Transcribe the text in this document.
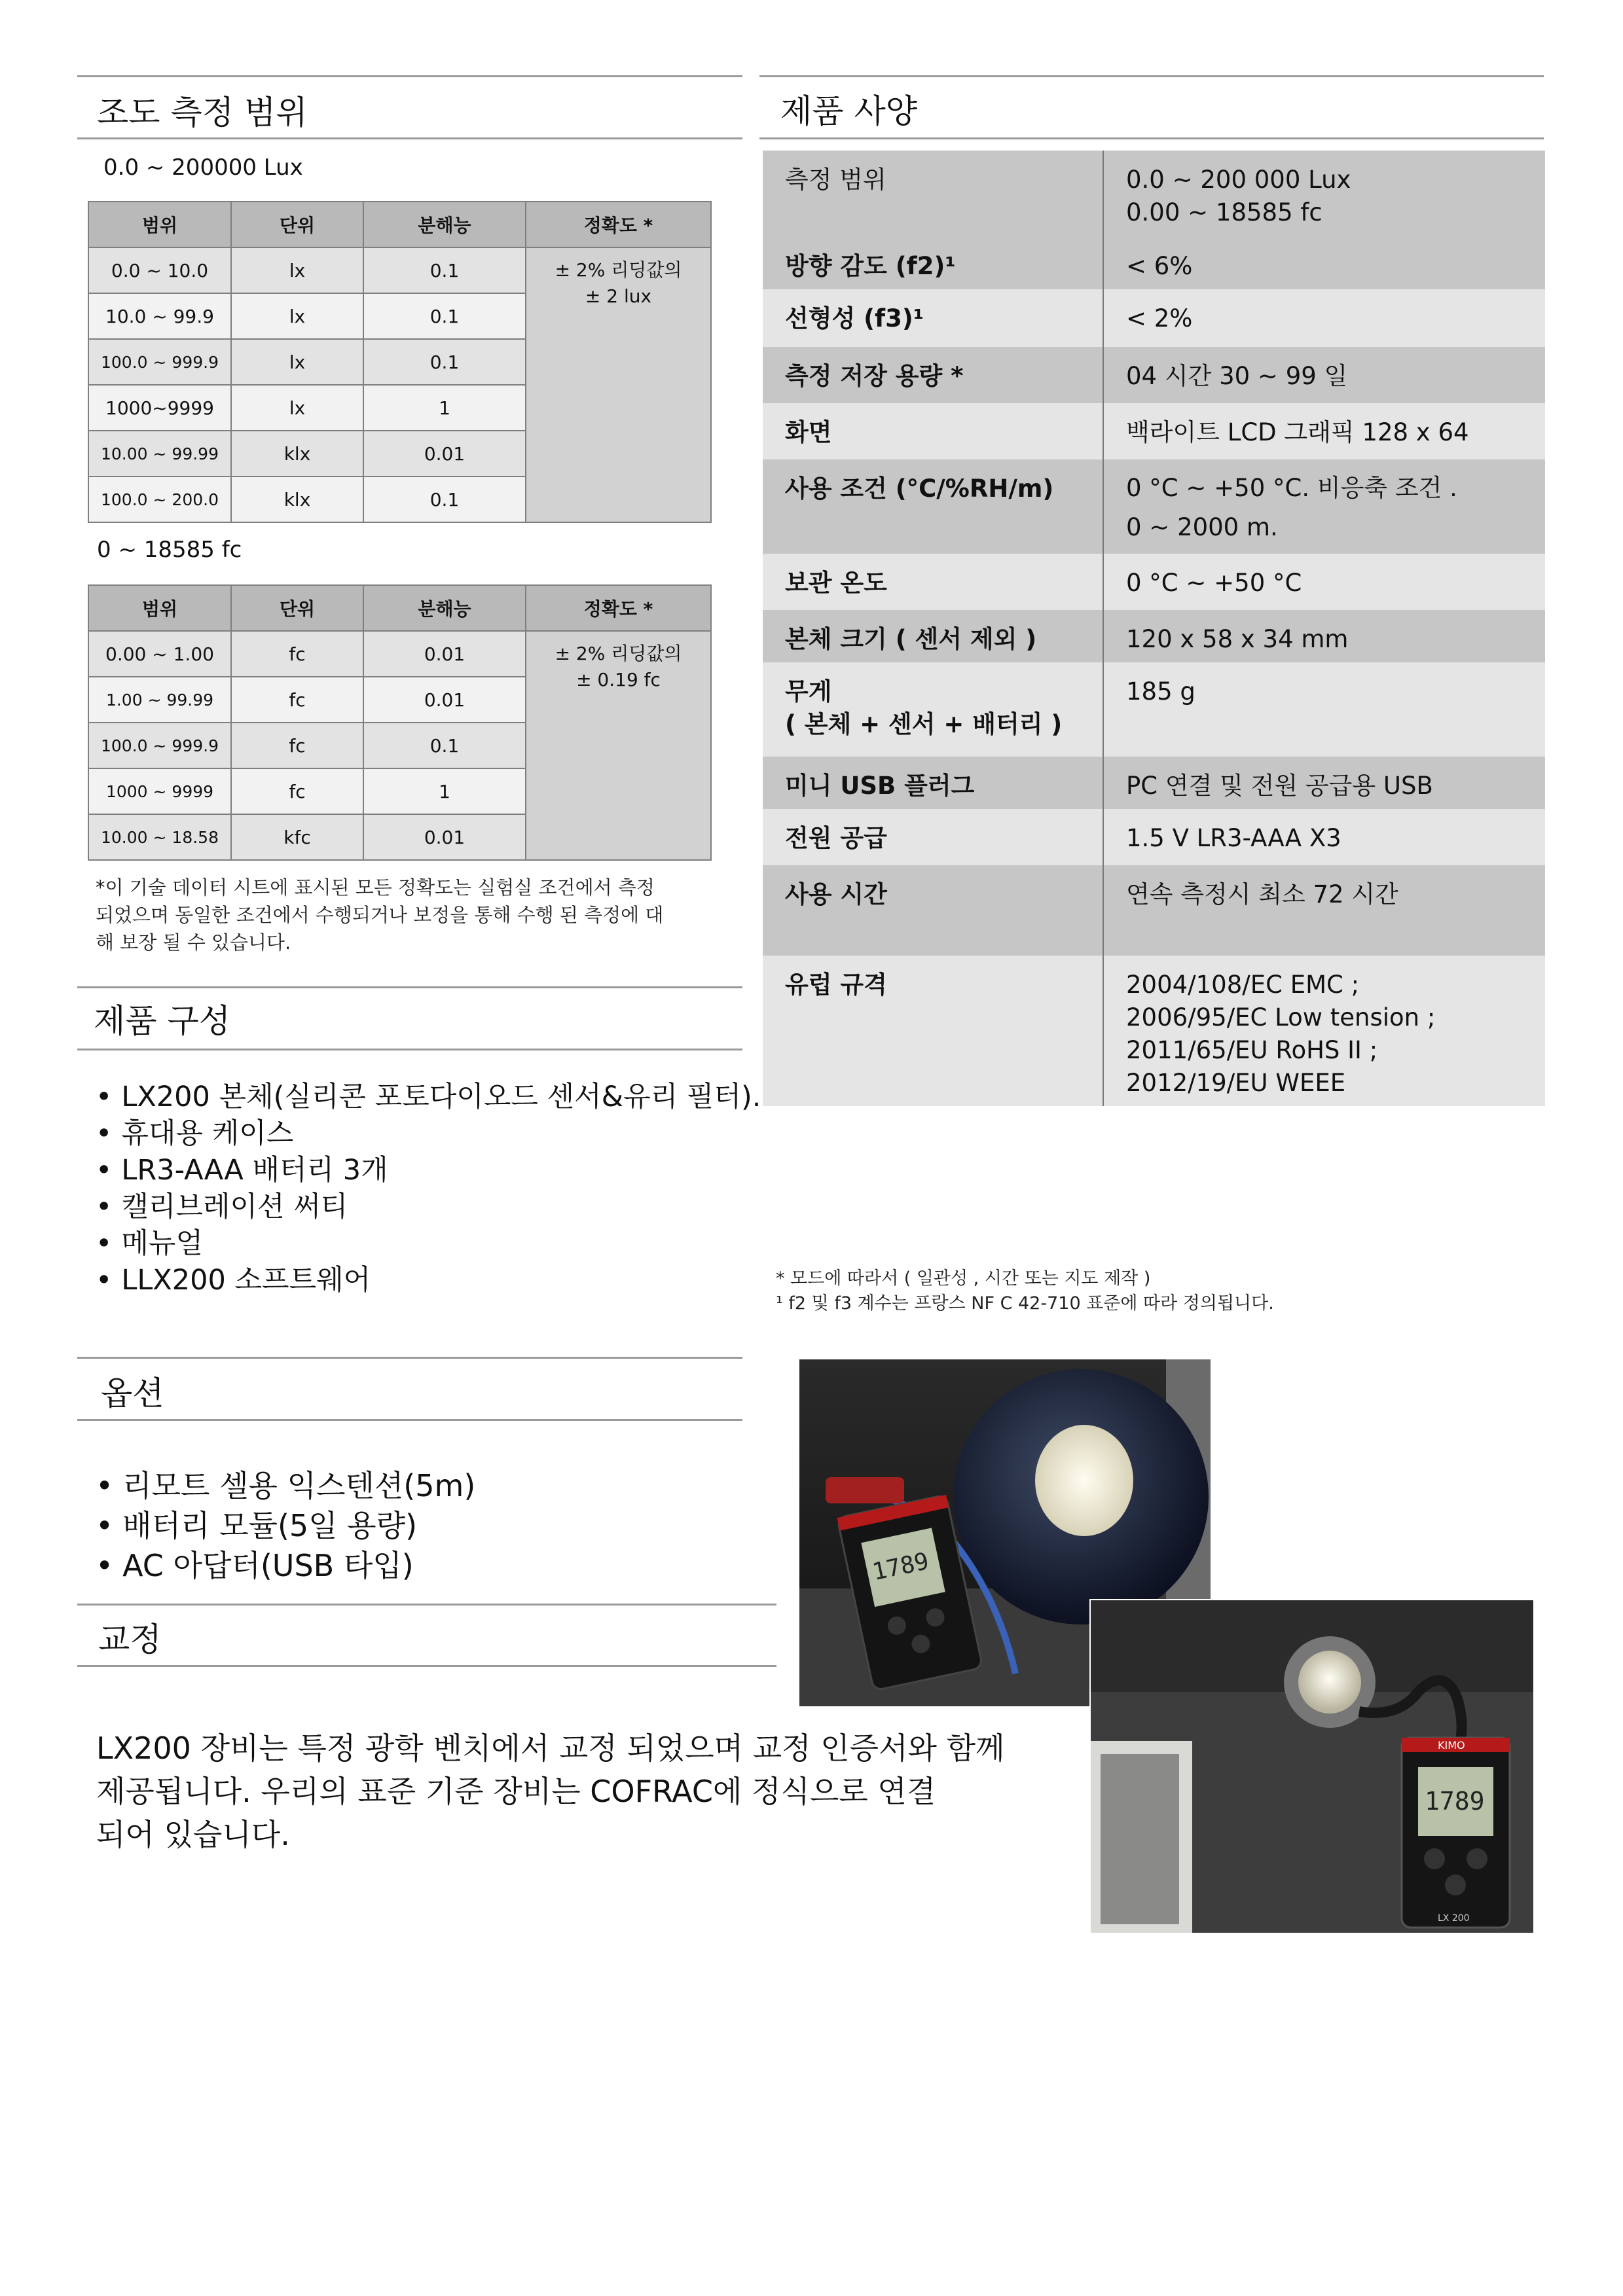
조도 측정 범위
0.0 ~ 200000 Lux
범위	단위	분해능	정확도 *
0.0 ~ 10.0	lx	0.1	± 2% 리딩값의
± 2 lux

10.0 ~ 99.9	lx	0.1	
100.0 ~ 999.9	lx	0.1	
1000~9999	lx	1	
10.00 ~ 99.99	klx	0.01	
100.0 ~ 200.0	klx	0.1	
0 ~ 18585 fc
범위	단위	분해능	정확도 *
0.00 ~ 1.00	fc	0.01	± 2% 리딩값의
± 0.19 fc

1.00 ~ 99.99	fc	0.01	
100.0 ~ 999.9	fc	0.1	
1000 ~ 9999	fc	1	
10.00 ~ 18.58	kfc	0.01	
*이 기술 데이터 시트에 표시된 모든 정확도는 실험실 조건에서 측정
되었으며 동일한 조건에서 수행되거나 보정을 통해 수행 된 측정에 대
해 보장 될 수 있습니다.
제품 구성
• LX200 본체(실리콘 포토다이오드 센서&유리 필터).
• 휴대용 케이스
• LR3-AAA 배터리 3개
• 캘리브레이션 써티
• 메뉴얼
• LLX200 소프트웨어
옵션
• 리모트 셀용 익스텐션(5m)
• 배터리 모듈(5일 용량)
• AC 아답터(USB 타입)
교정
LX200 장비는 특정 광학 벤치에서 교정 되었으며 교정 인증서와 함께
제공됩니다. 우리의 표준 기준 장비는 COFRAC에 정식으로 연결
되어 있습니다.
제품 사양
측정 범위	0.0 ~ 200 000 Lux
0.00 ~ 18585 fc

방향 감도 (f2)¹	< 6%
선형성 (f3)¹	< 2%
측정 저장 용량 *	04 시간 30 ~ 99 일
화면	백라이트 LCD 그래픽 128 x 64
사용 조건 (°C/%RH/m)	0 °C ~ +50 °C. 비응축 조건 .
0 ~ 2000 m.

보관 온도	0 °C ~ +50 °C
본체 크기 ( 센서 제외 )	120 x 58 x 34 mm

무게
( 본체 + 센서 + 배터리 )	185 g
미니 USB 플러그	PC 연결 및 전원 공급용 USB
전원 공급	1.5 V LR3-AAA X3
사용 시간	연속 측정시 최소 72 시간
유럽 규격	2004/108/EC EMC ;
2006/95/EC Low tension ;
2011/65/EU RoHS II ;
2012/19/EU WEEE
* 모드에 따라서 ( 일관성 , 시간 또는 지도 제작 )
¹ f2 및 f3 계수는 프랑스 NF C 42-710 표준에 따라 정의됩니다.
1789
KIMO
1789
LX 200
